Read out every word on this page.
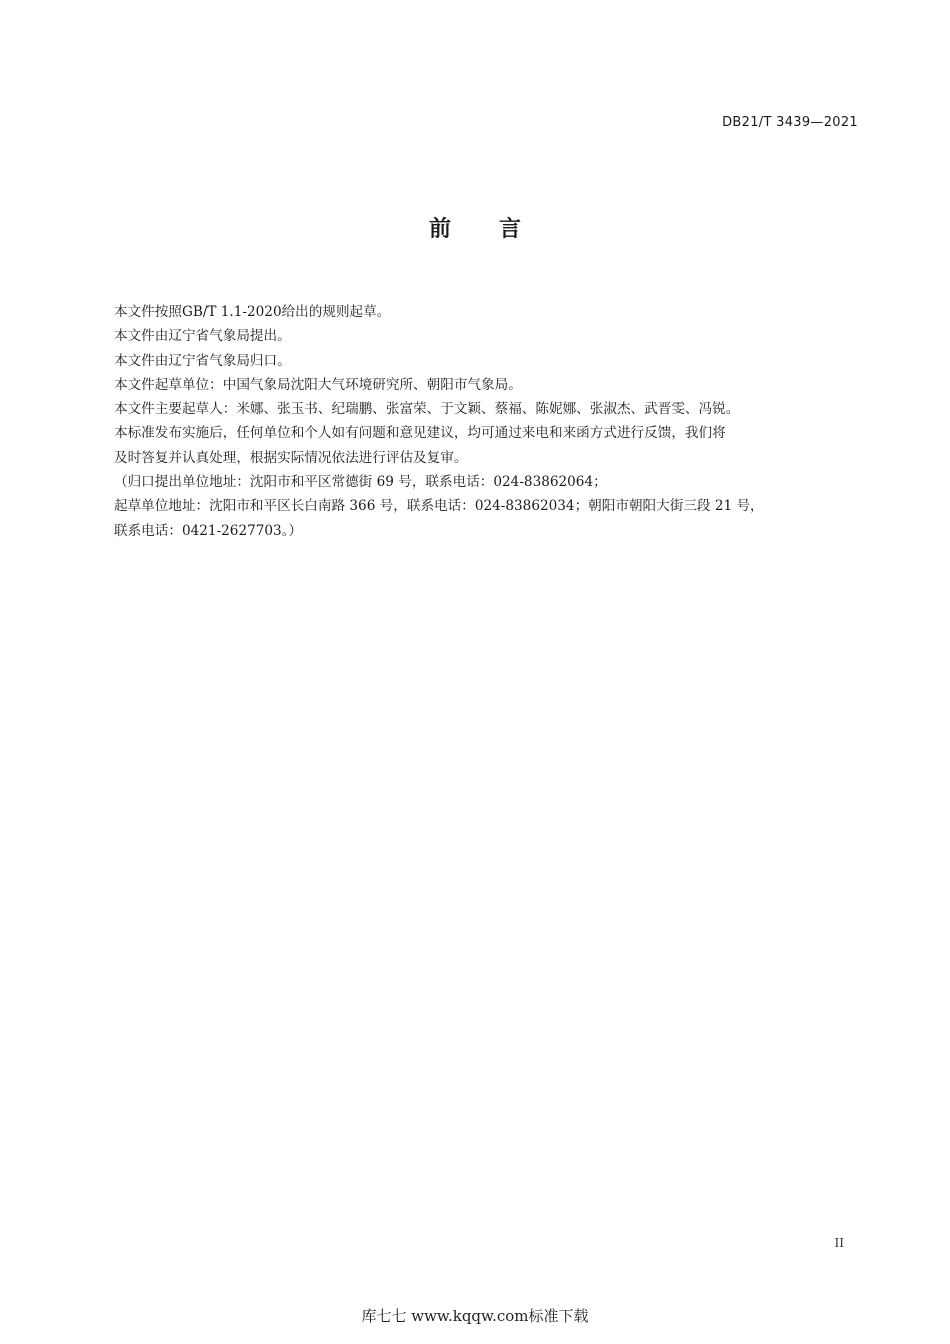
DB21/T 3439—2021
前言

本文件按照GB/T 1.1-2020给出的规则起草。

本文件由辽宁省气象局提出。

本文件由辽宁省气象局归口。

本文件起草单位：中国气象局沈阳大气环境研究所、朝阳市气象局。

本文件主要起草人：米娜、张玉书、纪瑞鹏、张富荣、于文颖、蔡福、陈妮娜、张淑杰、武晋雯、冯锐。

本标准发布实施后，任何单位和个人如有问题和意见建议，均可通过来电和来函方式进行反馈，我们将

及时答复并认真处理，根据实际情况依法进行评估及复审。

（归口提出单位地址：沈阳市和平区常德街 69 号，联系电话：024-83862064；

起草单位地址：沈阳市和平区长白南路 366 号，联系电话：024-83862034；朝阳市朝阳大街三段 21 号，

联系电话：0421-2627703。）

II
库七七 www.kqqw.com标准下载
